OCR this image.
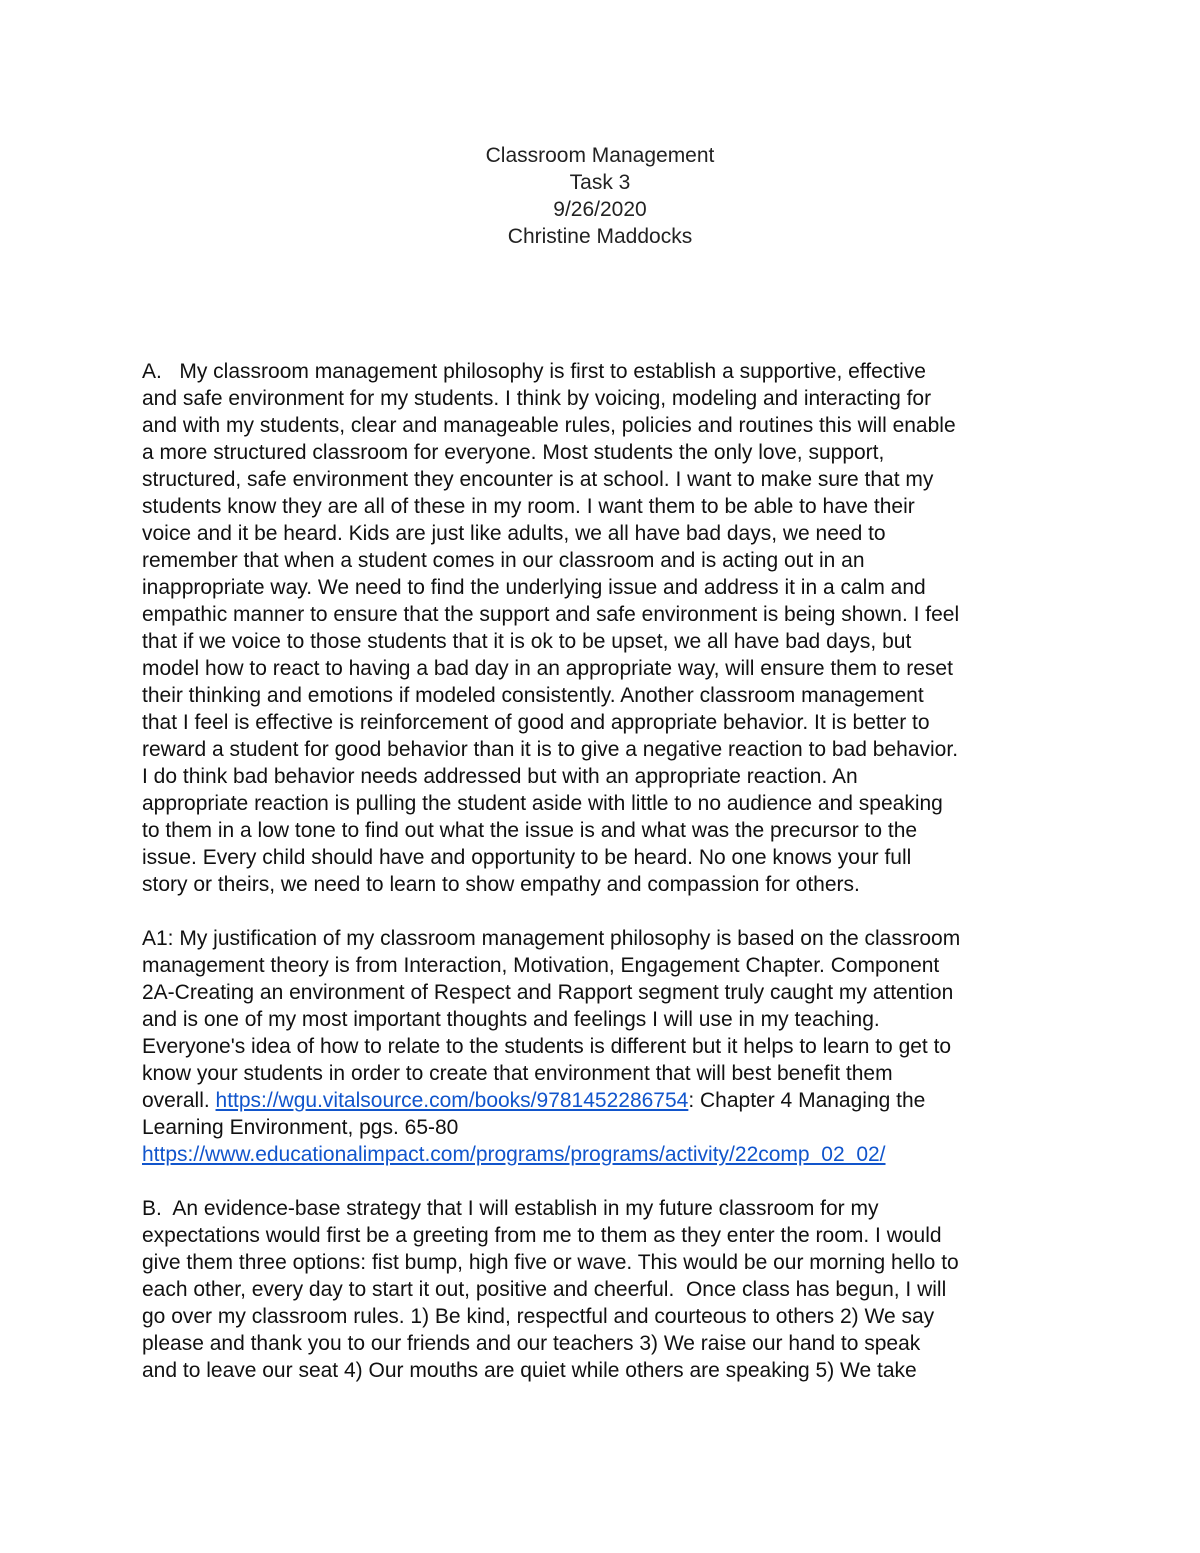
Classroom Management
Task 3
9/26/2020
Christine Maddocks
A.   My classroom management philosophy is first to establish a supportive, effective
and safe environment for my students. I think by voicing, modeling and interacting for
and with my students, clear and manageable rules, policies and routines this will enable
a more structured classroom for everyone. Most students the only love, support,
structured, safe environment they encounter is at school. I want to make sure that my
students know they are all of these in my room. I want them to be able to have their
voice and it be heard. Kids are just like adults, we all have bad days, we need to
remember that when a student comes in our classroom and is acting out in an
inappropriate way. We need to find the underlying issue and address it in a calm and
empathic manner to ensure that the support and safe environment is being shown. I feel
that if we voice to those students that it is ok to be upset, we all have bad days, but
model how to react to having a bad day in an appropriate way, will ensure them to reset
their thinking and emotions if modeled consistently. Another classroom management
that I feel is effective is reinforcement of good and appropriate behavior. It is better to
reward a student for good behavior than it is to give a negative reaction to bad behavior.
I do think bad behavior needs addressed but with an appropriate reaction. An
appropriate reaction is pulling the student aside with little to no audience and speaking
to them in a low tone to find out what the issue is and what was the precursor to the
issue. Every child should have and opportunity to be heard. No one knows your full
story or theirs, we need to learn to show empathy and compassion for others.
A1: My justification of my classroom management philosophy is based on the classroom
management theory is from Interaction, Motivation, Engagement Chapter. Component
2A-Creating an environment of Respect and Rapport segment truly caught my attention
and is one of my most important thoughts and feelings I will use in my teaching.
Everyone's idea of how to relate to the students is different but it helps to learn to get to
know your students in order to create that environment that will best benefit them
overall. https://wgu.vitalsource.com/books/9781452286754: Chapter 4 Managing the
Learning Environment, pgs. 65-80
https://www.educationalimpact.com/programs/programs/activity/22comp_02_02/
B.  An evidence-base strategy that I will establish in my future classroom for my
expectations would first be a greeting from me to them as they enter the room. I would
give them three options: fist bump, high five or wave. This would be our morning hello to
each other, every day to start it out, positive and cheerful.  Once class has begun, I will
go over my classroom rules. 1) Be kind, respectful and courteous to others 2) We say
please and thank you to our friends and our teachers 3) We raise our hand to speak
and to leave our seat 4) Our mouths are quiet while others are speaking 5) We take
